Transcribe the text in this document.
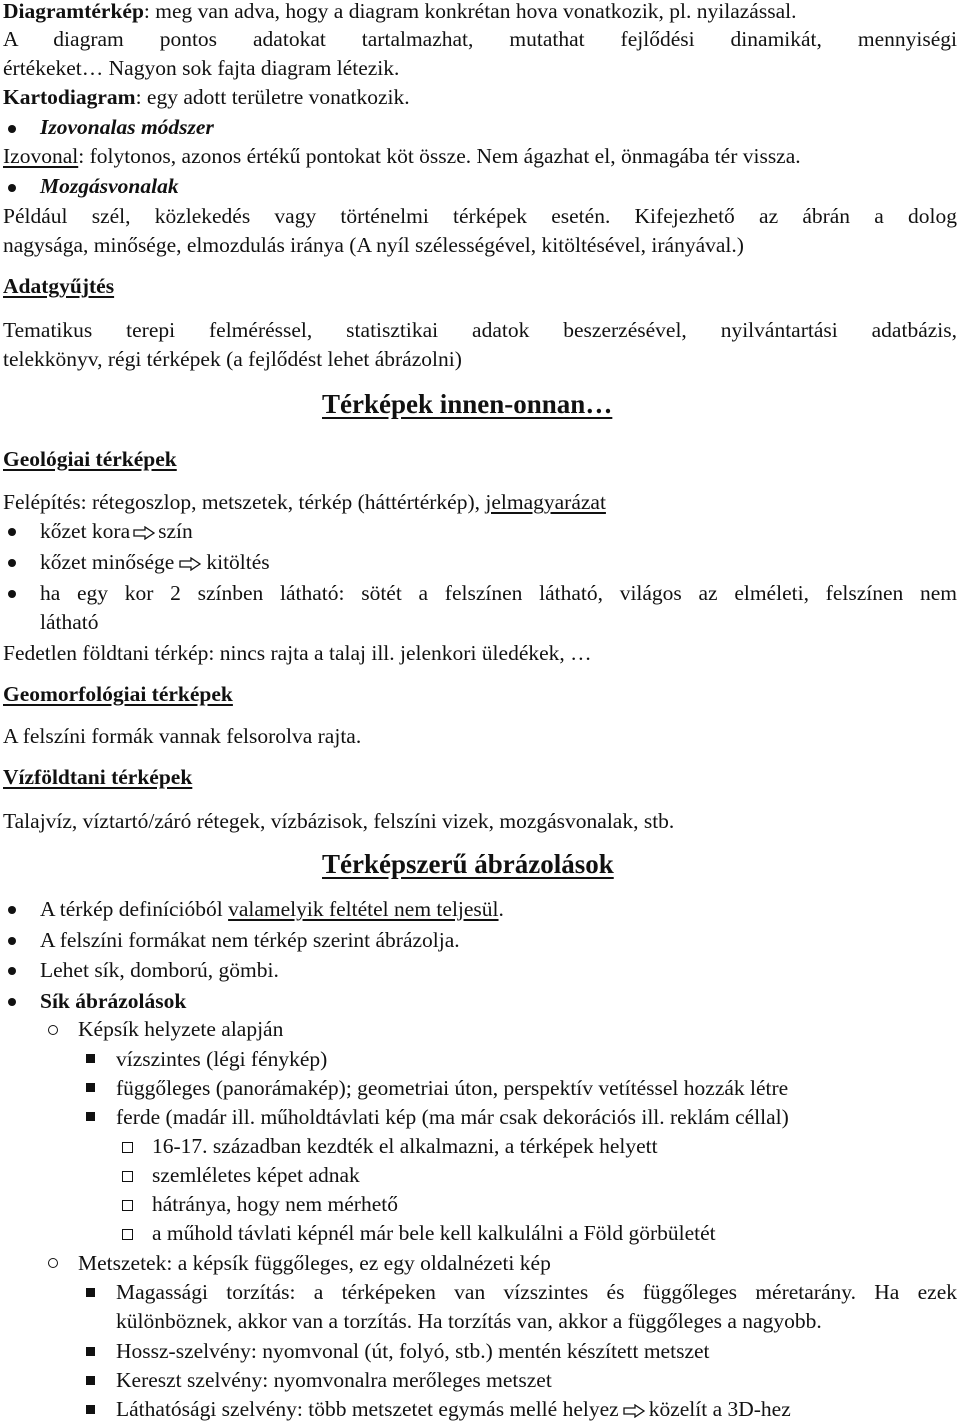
Diagramtérkép: meg van adva, hogy a diagram konkrétan hova vonatkozik, pl. nyilazással.
A diagram pontos adatokat tartalmazhat, mutathat fejlődési dinamikát, mennyiségi
értékeket… Nagyon sok fajta diagram létezik.
Kartodiagram: egy adott területre vonatkozik.
Izovonalas módszer
Izovonal: folytonos, azonos értékű pontokat köt össze. Nem ágazhat el, önmagába tér vissza.
Mozgásvonalak
Például szél, közlekedés vagy történelmi térképek esetén. Kifejezhető az ábrán a dolog
nagysága, minősége, elmozdulás iránya (A nyíl szélességével, kitöltésével, irányával.)
Adatgyűjtés
Tematikus terepi felméréssel, statisztikai adatok beszerzésével, nyilvántartási adatbázis,
telekkönyv, régi térképek (a fejlődést lehet ábrázolni)
Térképek innen-onnan…
Geológiai térképek
Felépítés: rétegoszlop, metszetek, térkép (háttértérkép), jelmagyarázat
kőzet kora szín
kőzet minősége kitöltés
ha egy kor 2 színben látható: sötét a felszínen látható, világos az elméleti, felszínen nem
látható
Fedetlen földtani térkép: nincs rajta a talaj ill. jelenkori üledékek, …
Geomorfológiai térképek
A felszíni formák vannak felsorolva rajta.
Vízföldtani térképek
Talajvíz, víztartó/záró rétegek, vízbázisok, felszíni vizek, mozgásvonalak, stb.
Térképszerű ábrázolások
A térkép definícióból valamelyik feltétel nem teljesül.
A felszíni formákat nem térkép szerint ábrázolja.
Lehet sík, domború, gömbi.
Sík ábrázolások
Képsík helyzete alapján
vízszintes (légi fénykép)
függőleges (panorámakép); geometriai úton, perspektív vetítéssel hozzák létre
ferde (madár ill. műholdtávlati kép (ma már csak dekorációs ill. reklám céllal)
16-17. században kezdték el alkalmazni, a térképek helyett
szemléletes képet adnak
hátránya, hogy nem mérhető
a műhold távlati képnél már bele kell kalkulálni a Föld görbületét
Metszetek: a képsík függőleges, ez egy oldalnézeti kép
Magassági torzítás: a térképeken van vízszintes és függőleges méretarány. Ha ezek
különböznek, akkor van a torzítás. Ha torzítás van, akkor a függőleges a nagyobb.
Hossz-szelvény: nyomvonal (út, folyó, stb.) mentén készített metszet
Kereszt szelvény: nyomvonalra merőleges metszet
Láthatósági szelvény: több metszetet egymás mellé helyez közelít a 3D-hez
